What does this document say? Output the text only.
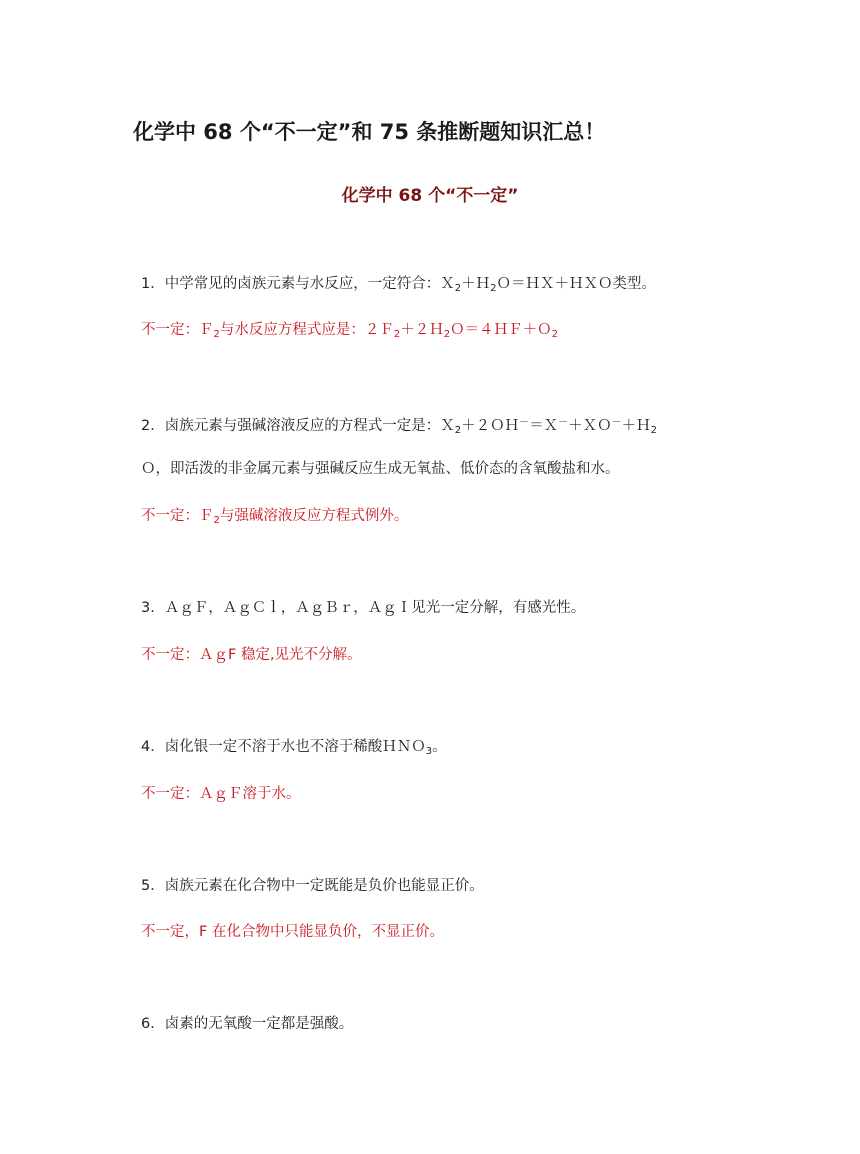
化学中 68 个“不一定”和 75 条推断题知识汇总！
化学中 68 个“不一定”
1．中学常见的卤族元素与水反应，一定符合：Ｘ$_2$＋Ｈ$_2$Ｏ＝ＨＸ＋ＨＸＯ类型。
不一定：Ｆ$_2$与水反应方程式应是：２Ｆ$_2$＋２Ｈ$_2$Ｏ＝４ＨＦ＋Ｏ$_2$
2．卤族元素与强碱溶液反应的方程式一定是：Ｘ$_2$＋２ＯＨ－＝Ｘ－＋ＸＯ－＋Ｈ$_2$
Ｏ，即活泼的非金属元素与强碱反应生成无氧盐、低价态的含氧酸盐和水。
不一定：Ｆ$_2$与强碱溶液反应方程式例外。
3．ＡｇＦ，ＡｇＣｌ，ＡｇＢｒ，ＡｇＩ见光一定分解，有感光性。
不一定：ＡｇF 稳定,见光不分解。
4．卤化银一定不溶于水也不溶于稀酸ＨＮＯ$_3$。
不一定：ＡｇＦ溶于水。
5．卤族元素在化合物中一定既能是负价也能显正价。
不一定，F 在化合物中只能显负价，不显正价。
6．卤素的无氧酸一定都是强酸。
